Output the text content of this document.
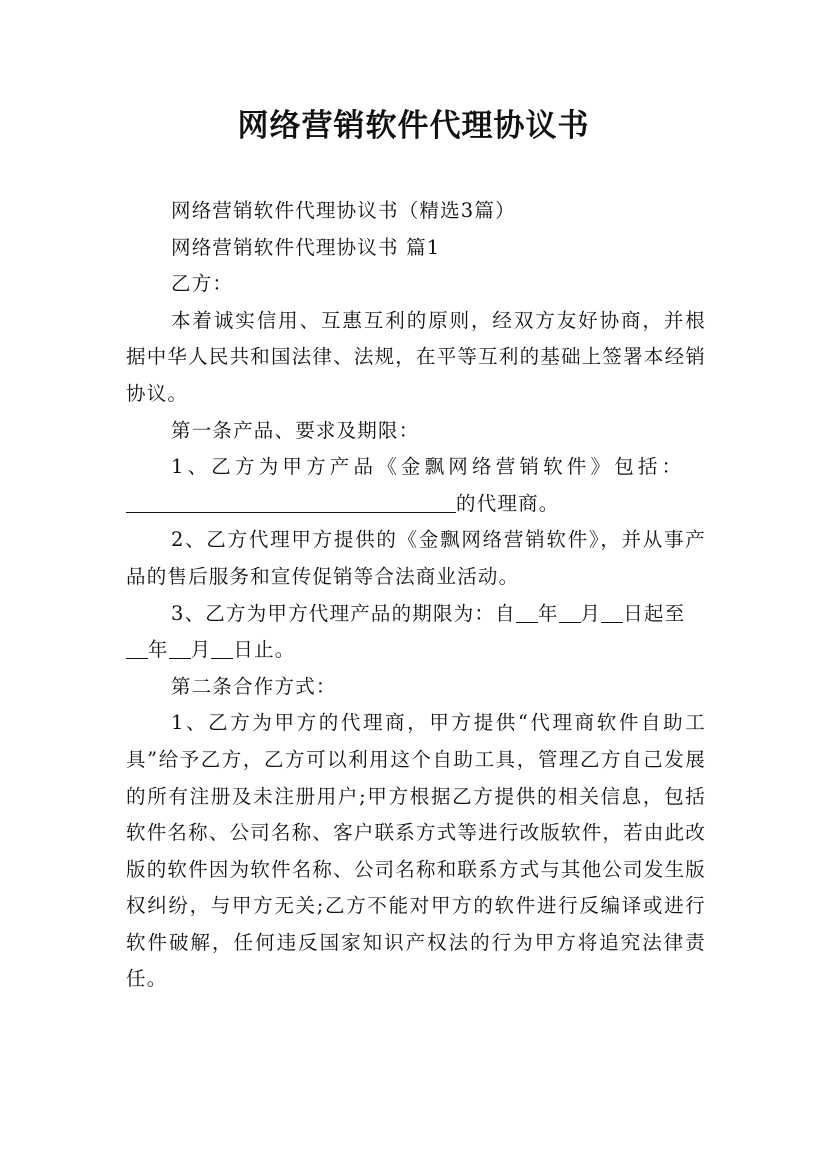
网络营销软件代理协议书

网络营销软件代理协议书（精选3篇）

网络营销软件代理协议书 篇1

乙方：

本着诚实信用、互惠互利的原则，经双方友好协商，并根据中华人民共和国法律、法规，在平等互利的基础上签署本经销协议。

第一条产品、要求及期限：

1、乙方为甲方产品《金飘网络营销软件》包括：

的代理商。

2、乙方代理甲方提供的《金飘网络营销软件》，并从事产品的售后服务和宣传促销等合法商业活动。

3、乙方为甲方代理产品的期限为：自 年 月 日起至年 月 日止。

第二条合作方式：

1、乙方为甲方的代理商，甲方提供“代理商软件自助工具”给予乙方，乙方可以利用这个自助工具，管理乙方自己发展的所有注册及未注册用户;甲方根据乙方提供的相关信息，包括软件名称、公司名称、客户联系方式等进行改版软件，若由此改版的软件因为软件名称、公司名称和联系方式与其他公司发生版权纠纷，与甲方无关;乙方不能对甲方的软件进行反编译或进行软件破解，任何违反国家知识产权法的行为甲方将追究法律责任。
